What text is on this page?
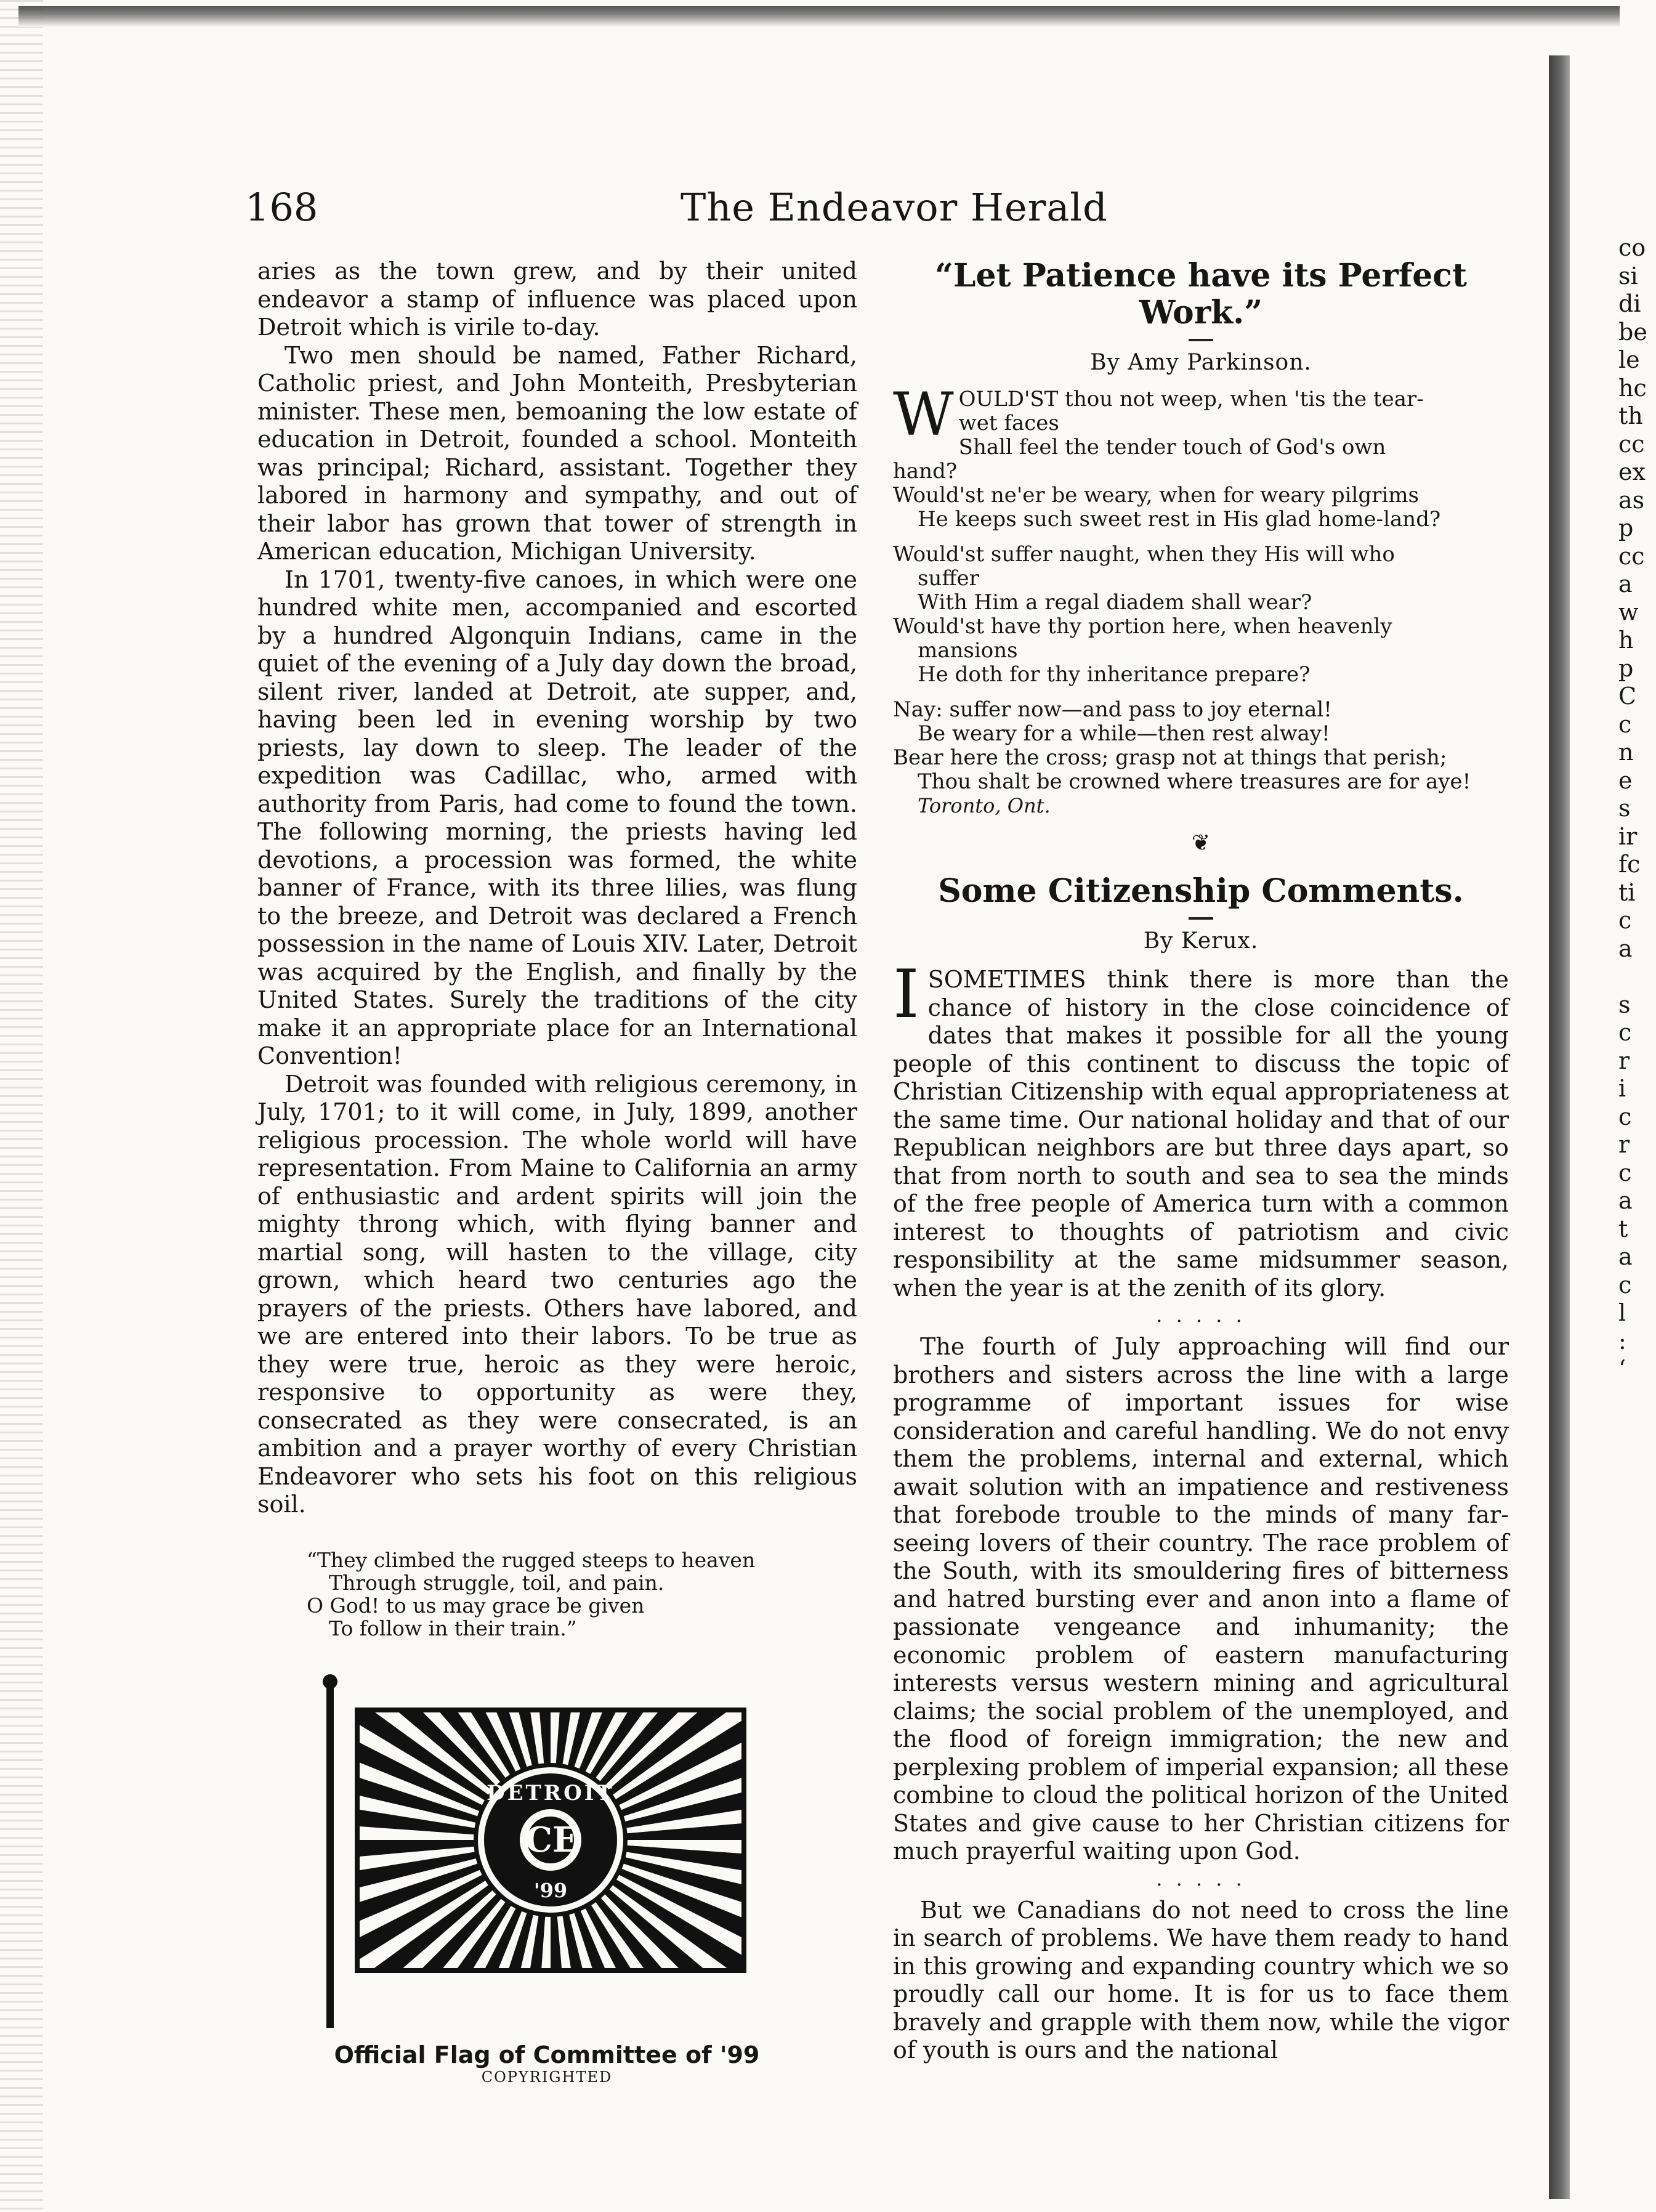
168	The Endeavor Herald

aries as the town grew, and by their united endeavor a stamp of influence was placed upon Detroit which is virile to-day.

Two men should be named, Father Richard, Catholic priest, and John Monteith, Presbyterian minister. These men, bemoaning the low estate of education in Detroit, founded a school. Monteith was principal; Richard, assistant. Together they labored in harmony and sympathy, and out of their labor has grown that tower of strength in American education, Michigan University.

In 1701, twenty-five canoes, in which were one hundred white men, accompanied and escorted by a hundred Algonquin Indians, came in the quiet of the evening of a July day down the broad, silent river, landed at Detroit, ate supper, and, having been led in evening worship by two priests, lay down to sleep. The leader of the expedition was Cadillac, who, armed with authority from Paris, had come to found the town. The following morning, the priests having led devotions, a procession was formed, the white banner of France, with its three lilies, was flung to the breeze, and Detroit was declared a French possession in the name of Louis XIV. Later, Detroit was acquired by the English, and finally by the United States. Surely the traditions of the city make it an appropriate place for an International Convention!

Detroit was founded with religious ceremony, in July, 1701; to it will come, in July, 1899, another religious procession. The whole world will have representation. From Maine to California an army of enthusiastic and ardent spirits will join the mighty throng which, with flying banner and martial song, will hasten to the village, city grown, which heard two centuries ago the prayers of the priests. Others have labored, and we are entered into their labors. To be true as they were true, heroic as they were heroic, responsive to opportunity as were they, consecrated as they were consecrated, is an ambition and a prayer worthy of every Christian Endeavorer who sets his foot on this religious soil.

“They climbed the rugged steeps to heaven
Through struggle, toil, and pain.
O God! to us may grace be given
To follow in their train.”
DETROIT
CE
'99
Official Flag of Committee of '99
COPYRIGHTED
“Let Patience have its Perfect Work.”
By Amy Parkinson.
W OULD'ST thou not weep, when 'tis the tear-
wet faces
Shall feel the tender touch of God's own
hand?
Would'st ne'er be weary, when for weary pilgrims
He keeps such sweet rest in His glad home-land?
Would'st suffer naught, when they His will who
suffer
With Him a regal diadem shall wear?
Would'st have thy portion here, when heavenly
mansions
He doth for thy inheritance prepare?
Nay: suffer now—and pass to joy eternal!
Be weary for a while—then rest alway!
Bear here the cross; grasp not at things that perish;
Thou shalt be crowned where treasures are for aye!
Toronto, Ont.
❦
Some Citizenship Comments.
By Kerux.

ISOMETIMES think there is more than the chance of history in the close coincidence of dates that makes it possible for all the young people of this continent to discuss the topic of Christian Citizenship with equal appropriateness at the same time. Our national holiday and that of our Republican neighbors are but three days apart, so that from north to south and sea to sea the minds of the free people of America turn with a common interest to thoughts of patriotism and civic responsibility at the same midsummer season, when the year is at the zenith of its glory.

. . . . .

The fourth of July approaching will find our brothers and sisters across the line with a large programme of important issues for wise consideration and careful handling. We do not envy them the problems, internal and external, which await solution with an impatience and restiveness that forebode trouble to the minds of many far-seeing lovers of their country. The race problem of the South, with its smouldering fires of bitterness and hatred bursting ever and anon into a flame of passionate vengeance and inhumanity; the economic problem of eastern manufacturing interests versus western mining and agricultural claims; the social problem of the unemployed, and the flood of foreign immigration; the new and perplexing problem of imperial expansion; all these combine to cloud the political horizon of the United States and give cause to her Christian citizens for much prayerful waiting upon God.

. . . . .

But we Canadians do not need to cross the line in search of problems. We have them ready to hand in this growing and expanding country which we so proudly call our home. It is for us to face them bravely and grapple with them now, while the vigor of youth is ours and the national

co
si
di
be
le
hc
th
cc
ex
as
p
cc
a
w
h
p
C
c
n
e
s
ir
fc
ti
c
a
s
c
r
i
c
r
c
a
t
a
c
l
:
‘
